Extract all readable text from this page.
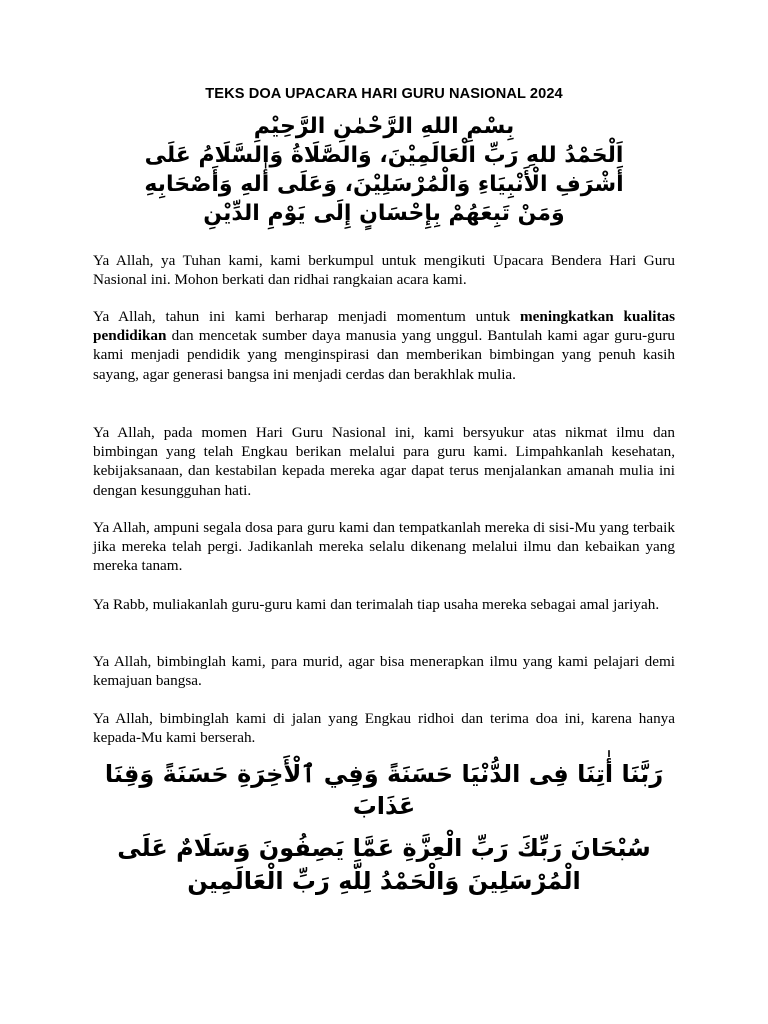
TEKS DOA UPACARA HARI GURU NASIONAL 2024
بِسْمِ اللهِ الرَّحْمٰنِ الرَّحِيْمِ
اَلْحَمْدُ للهِ رَبِّ الْعَالَمِيْنَ، وَالصَّلَاةُ وَالسَّلَامُ عَلَى
أَشْرَفِ الْأَنْبِيَاءِ وَالْمُرْسَلِيْنَ، وَعَلَى أٰلهِ وَأَصْحَابِهِ
وَمَنْ تَبِعَهُمْ بِإِحْسَانٍ إِلَى يَوْمِ الدِّيْنِ

Ya Allah, ya Tuhan kami, kami berkumpul untuk mengikuti Upacara Bendera Hari Guru Nasional ini. Mohon berkati dan ridhai rangkaian acara kami.

Ya Allah, tahun ini kami berharap menjadi momentum untuk meningkatkan kualitas pendidikan dan mencetak sumber daya manusia yang unggul. Bantulah kami agar guru-guru kami menjadi pendidik yang menginspirasi dan memberikan bimbingan yang penuh kasih sayang, agar generasi bangsa ini menjadi cerdas dan berakhlak mulia.

Ya Allah, pada momen Hari Guru Nasional ini, kami bersyukur atas nikmat ilmu dan bimbingan yang telah Engkau berikan melalui para guru kami. Limpahkanlah kesehatan, kebijaksanaan, dan kestabilan kepada mereka agar dapat terus menjalankan amanah mulia ini dengan kesungguhan hati.

Ya Allah, ampuni segala dosa para guru kami dan tempatkanlah mereka di sisi-Mu yang terbaik jika mereka telah pergi. Jadikanlah mereka selalu dikenang melalui ilmu dan kebaikan yang mereka tanam.

Ya Rabb, muliakanlah guru-guru kami dan terimalah tiap usaha mereka sebagai amal jariyah.

Ya Allah, bimbinglah kami, para murid, agar bisa menerapkan ilmu yang kami pelajari demi kemajuan bangsa.

Ya Allah, bimbinglah kami di jalan yang Engkau ridhoi dan terima doa ini, karena hanya kepada-Mu kami berserah.

رَبَّنَا أٰتِنَا فِى الدُّنْيَا حَسَنَةً وَفِي ٱلْأَخِرَةِ حَسَنَةً وَقِنَا
عَذَابَ
سُبْحَانَ رَبِّكَ رَبِّ الْعِزَّةِ عَمَّا يَصِفُونَ وَسَلَامٌ عَلَى
الْمُرْسَلِينَ وَالْحَمْدُ لِلَّهِ رَبِّ الْعَالَمِين
